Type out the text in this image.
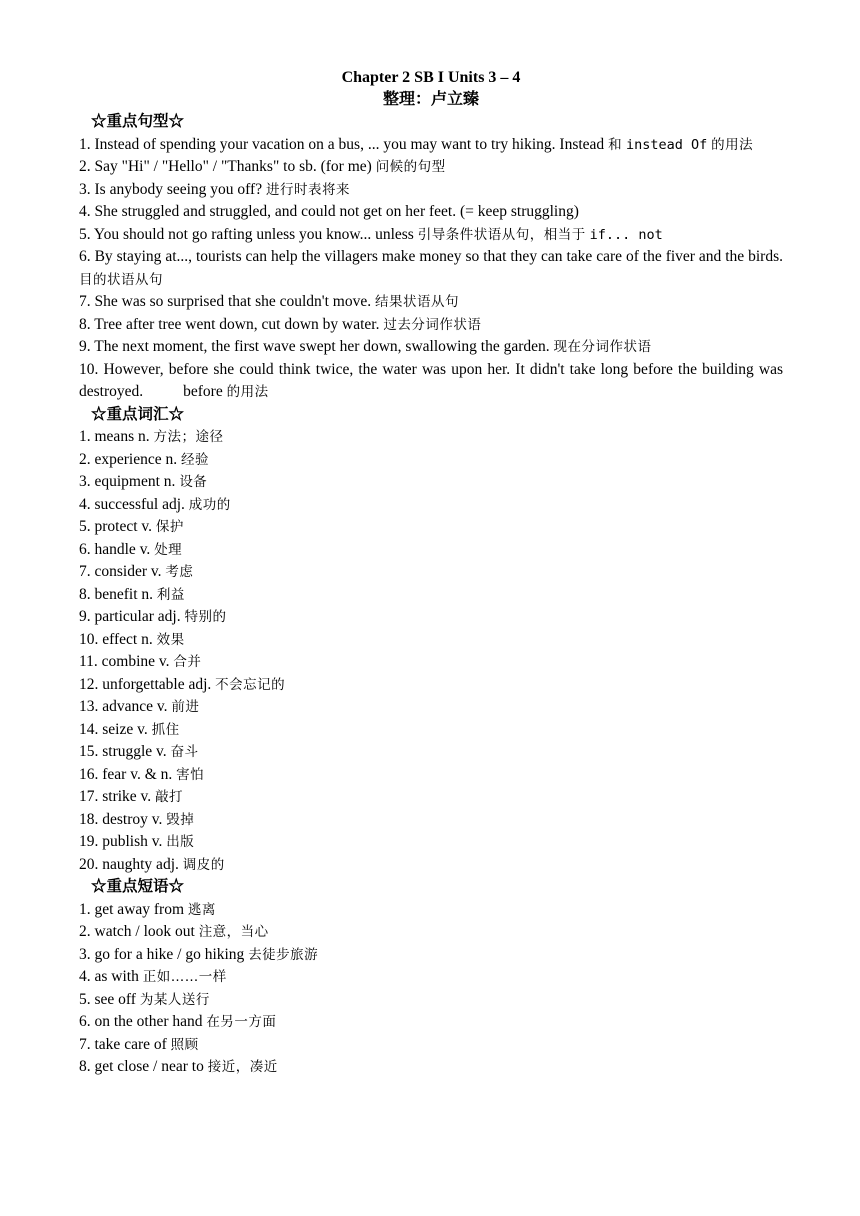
Chapter 2 SB I Units 3 – 4
整理：卢立臻
☆重点句型☆
1. Instead of spending your vacation on a bus, ... you may want to try hiking. Instead 和 instead Of 的用法
2. Say "Hi" / "Hello" / "Thanks" to sb. (for me) 问候的句型
3. Is anybody seeing you off? 进行时表将来
4. She struggled and struggled, and could not get on her feet. (= keep struggling)
5. You should not go rafting unless you know... unless 引导条件状语从句，相当于 if... not
6. By staying at..., tourists can help the villagers make money so that they can take care of the fiver and the birds. 目的状语从句
7. She was so surprised that she couldn't move. 结果状语从句
8. Tree after tree went down, cut down by water. 过去分词作状语
9. The next moment, the first wave swept her down, swallowing the garden. 现在分词作状语
10. However, before she could think twice, the water was upon her. It didn't take long before the building was destroyed.	before 的用法
☆重点词汇☆
1. means n. 方法；途径
2. experience n. 经验
3. equipment n. 设备
4. successful adj. 成功的
5. protect v. 保护
6. handle v. 处理
7. consider v. 考虑
8. benefit n. 利益
9. particular adj. 特别的
10. effect n. 效果
11. combine v. 合并
12. unforgettable adj. 不会忘记的
13. advance v. 前进
14. seize v. 抓住
15. struggle v. 奋斗
16. fear v. & n. 害怕
17. strike v. 敲打
18. destroy v. 毁掉
19. publish v. 出版
20. naughty adj. 调皮的
☆重点短语☆
1. get away from 逃离
2. watch / look out 注意，当心
3. go for a hike / go hiking 去徒步旅游
4. as with 正如……一样
5. see off 为某人送行
6. on the other hand 在另一方面
7. take care of 照顾
8. get close / near to 接近，凑近
